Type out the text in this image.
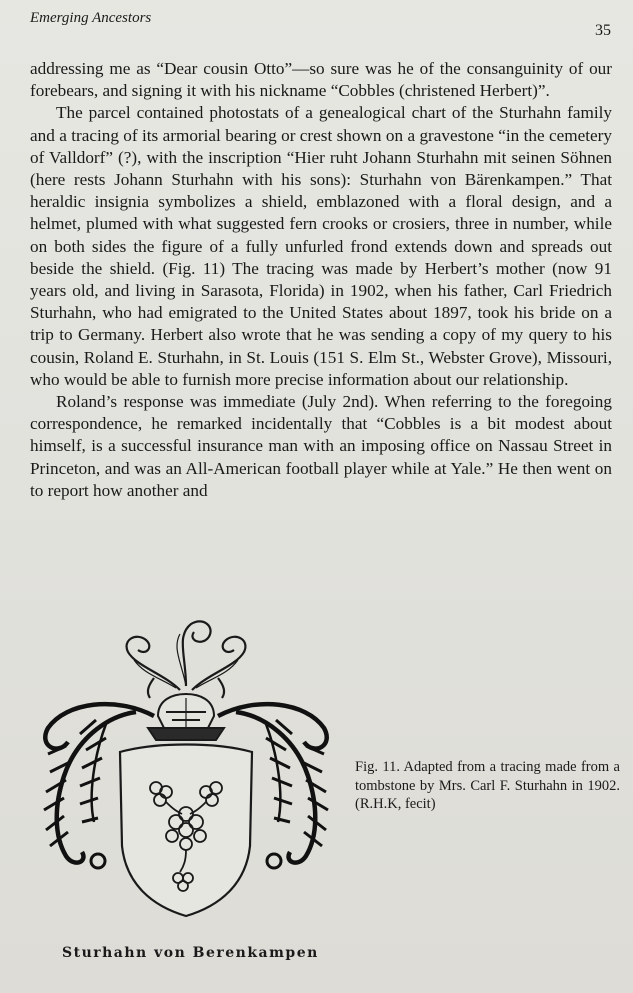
Emerging Ancestors
35

addressing me as “Dear cousin Otto”—so sure was he of the consanguinity of our forebears, and signing it with his nickname “Cobbles (christened Herbert)”.

The parcel contained photostats of a genealogical chart of the Sturhahn family and a tracing of its armorial bearing or crest shown on a gravestone “in the cemetery of Valldorf” (?), with the inscription “Hier ruht Johann Sturhahn mit seinen Söhnen (here rests Johann Sturhahn with his sons): Sturhahn von Bärenkampen.” That heraldic insignia symbolizes a shield, emblazoned with a floral design, and a helmet, plumed with what suggested fern crooks or crosiers, three in number, while on both sides the figure of a fully unfurled frond extends down and spreads out beside the shield. (Fig. 11) The tracing was made by Herbert’s mother (now 91 years old, and living in Sarasota, Florida) in 1902, when his father, Carl Friedrich Sturhahn, who had emigrated to the United States about 1897, took his bride on a trip to Germany. Herbert also wrote that he was sending a copy of my query to his cousin, Roland E. Sturhahn, in St. Louis (151 S. Elm St., Webster Grove), Missouri, who would be able to furnish more precise information about our relationship.

Roland’s response was immediate (July 2nd). When referring to the foregoing correspondence, he remarked incidentally that “Cobbles is a bit modest about himself, is a successful insurance man with an imposing office on Nassau Street in Princeton, and was an All-American football player while at Yale.” He then went on to report how another and

Fig. 11. Adapted from a tracing made from a tombstone by Mrs. Carl F. Sturhahn in 1902. (R.H.K, fecit)
Sturhahn von Berenkampen
